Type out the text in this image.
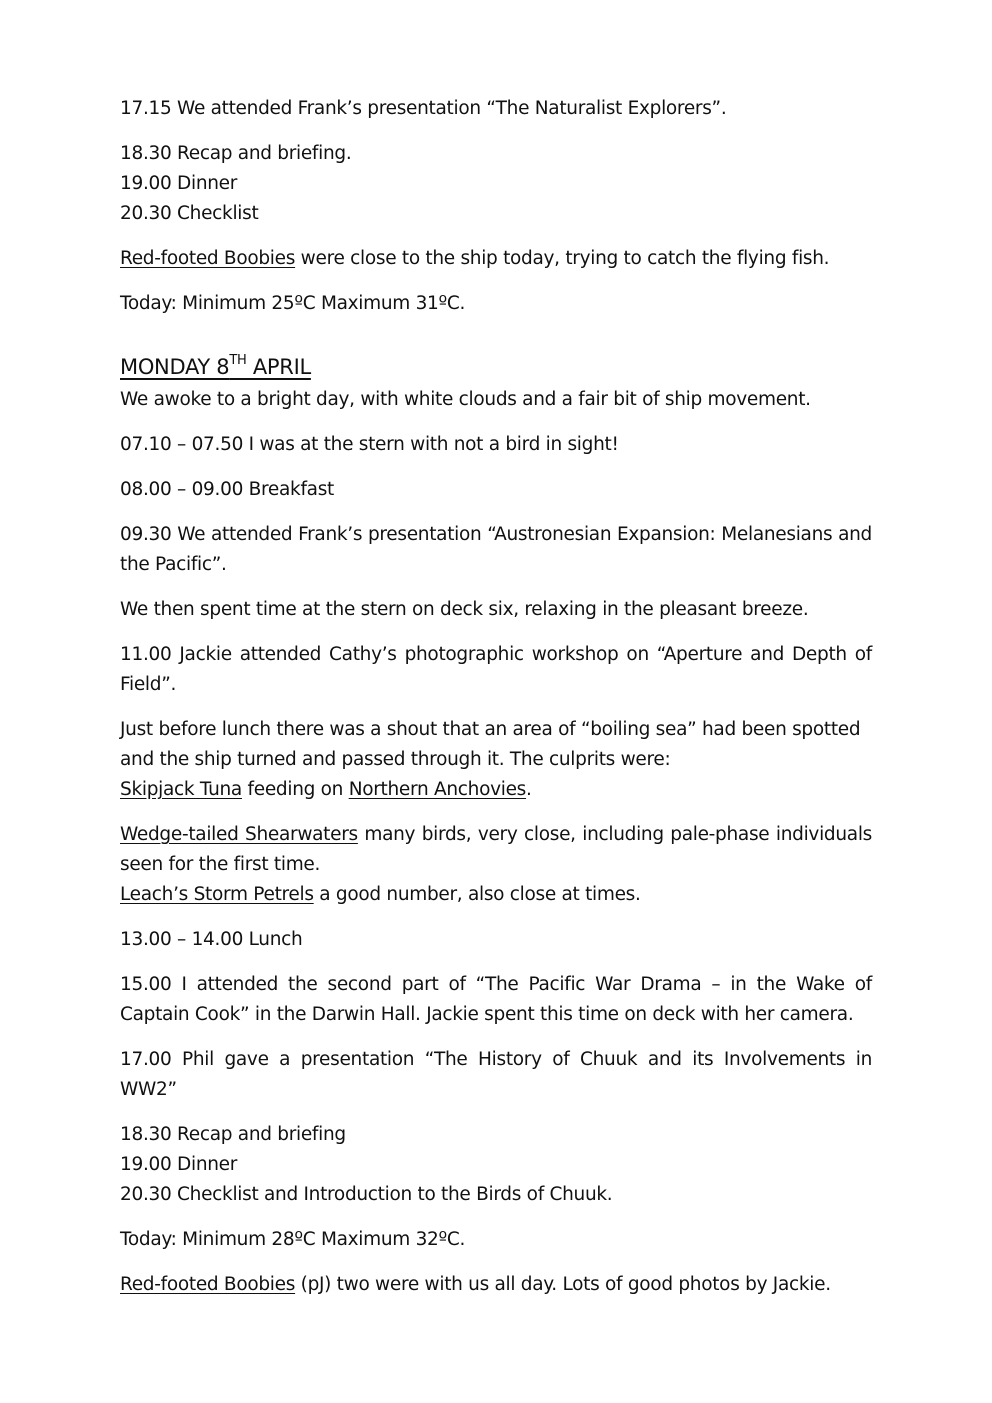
17.15 We attended Frank’s presentation “The Naturalist Explorers”.

18.30 Recap and briefing.
19.00 Dinner
20.30 Checklist

Red-footed Boobies were close to the ship today, trying to catch the flying fish.

Today: Minimum 25ºC Maximum 31ºC.

MONDAY 8TH APRIL

We awoke to a bright day, with white clouds and a fair bit of ship movement.

07.10 – 07.50 I was at the stern with not a bird in sight!

08.00 – 09.00 Breakfast

09.30 We attended Frank’s presentation “Austronesian Expansion: Melanesians and the Pacific”.

We then spent time at the stern on deck six, relaxing in the pleasant breeze.

11.00 Jackie attended Cathy’s photographic workshop on “Aperture and Depth of Field”.

Just before lunch there was a shout that an area of “boiling sea” had been spotted and the ship turned and passed through it. The culprits were:
Skipjack Tuna feeding on Northern Anchovies.

Wedge-tailed Shearwaters many birds, very close, including pale-phase individuals seen for the first time.
Leach’s Storm Petrels a good number, also close at times.

13.00 – 14.00 Lunch

15.00 I attended the second part of “The Pacific War Drama – in the Wake of Captain Cook” in the Darwin Hall. Jackie spent this time on deck with her camera.

17.00 Phil gave a presentation “The History of Chuuk and its Involvements in WW2”

18.30 Recap and briefing
19.00 Dinner
20.30 Checklist and Introduction to the Birds of Chuuk.

Today: Minimum 28ºC Maximum 32ºC.

Red-footed Boobies (pJ) two were with us all day. Lots of good photos by Jackie.
